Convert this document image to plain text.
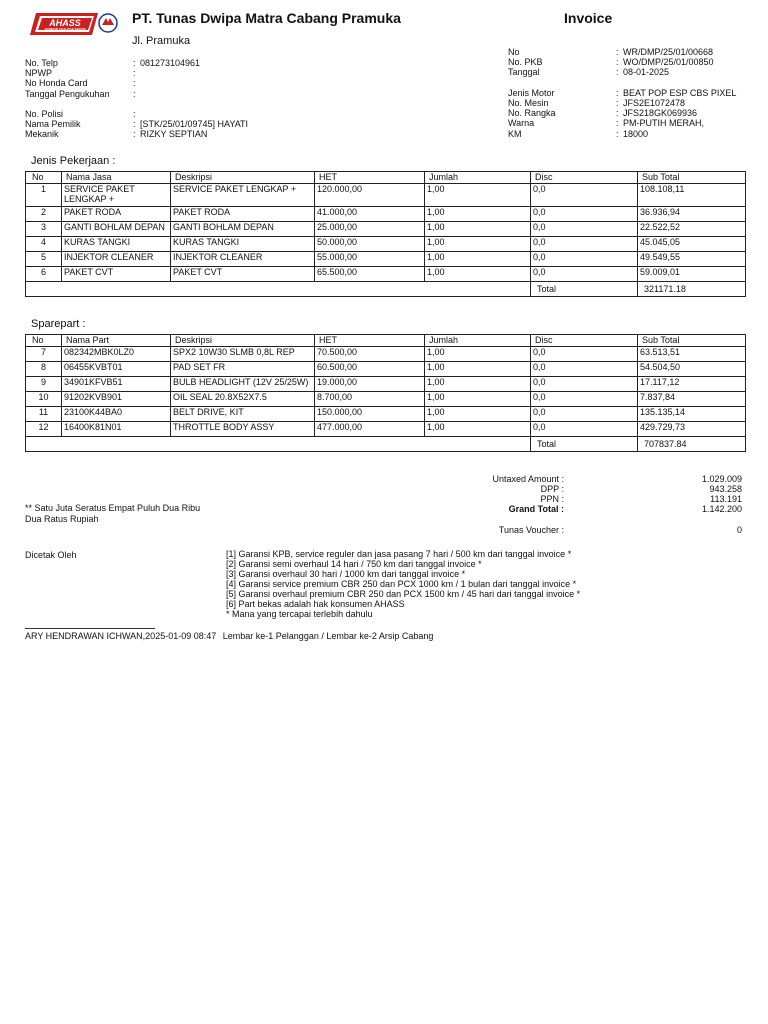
AHASS
JAMINAN KUALITAS SERVIS
PT. Tunas Dwipa Matra Cabang Pramuka	Invoice
Jl. Pramuka
No. Telp	: 081273104961
NPWP	:
No Honda Card	:
Tanggal Pengukuhan	:
No. Polisi	:
Nama Pemilik	: [STK/25/01/09745] HAYATI
Mekanik	: RIZKY SEPTIAN
No	: WR/DMP/25/01/00668
No. PKB	: WO/DMP/25/01/00850
Tanggal	: 08-01-2025
Jenis Motor	: BEAT POP ESP CBS PIXEL
No. Mesin	: JFS2E1072478
No. Rangka	: JFS218GK069936
Warna	: PM-PUTIH MERAH,
KM	: 18000
Jenis Pekerjaan :
No	Nama Jasa	Deskripsi	HET	Jumlah	Disc	Sub Total
1	SERVICE PAKET LENGKAP +	SERVICE PAKET LENGKAP +	120.000,00	1,00	0,0	108.108,11
2	PAKET RODA	PAKET RODA	41.000,00	1,00	0,0	36.936,94
3	GANTI BOHLAM DEPAN	GANTI BOHLAM DEPAN	25.000,00	1,00	0,0	22.522,52
4	KURAS TANGKI	KURAS TANGKI	50.000,00	1,00	0,0	45.045,05
5	INJEKTOR CLEANER	INJEKTOR CLEANER	55.000,00	1,00	0,0	49.549,55
6	PAKET CVT	PAKET CVT	65.500,00	1,00	0,0	59.009,01
					Total	321171.18
Sparepart :
No	Nama Part	Deskripsi	HET	Jumlah	Disc	Sub Total
7	082342MBK0LZ0	SPX2 10W30 SLMB 0,8L REP	70.500,00	1,00	0,0	63.513,51
8	06455KVBT01	PAD SET FR	60.500,00	1,00	0,0	54.504,50
9	34901KFVB51	BULB HEADLIGHT (12V 25/25W)	19.000,00	1,00	0,0	17.117,12
10	91202KVB901	OIL SEAL 20.8X52X7.5	8.700,00	1,00	0,0	7.837,84
11	23100K44BA0	BELT DRIVE, KIT	150.000,00	1,00	0,0	135.135,14
12	16400K81N01	THROTTLE BODY ASSY	477.000,00	1,00	0,0	429.729,73
					Total	707837.84
Untaxed Amount :	1.029.009
DPP :	943.258
PPN :	113.191
Grand Total :	1.142.200
Tunas Voucher :	0
** Satu Juta Seratus Empat Puluh Dua Ribu Dua Ratus Rupiah
Dicetak Oleh	[1] Garansi KPB, service reguler dan jasa pasang 7 hari / 500 km dari tanggal invoice *
[2] Garansi semi overhaul 14 hari / 750 km dari tanggal invoice *
[3] Garansi overhaul 30 hari / 1000 km dari tanggal invoice *
[4] Garansi service premium CBR 250 dan PCX 1000 km / 1 bulan dari tanggal invoice *
[5] Garansi overhaul premium CBR 250 dan PCX 1500 km / 45 hari dari tanggal invoice *
[6] Part bekas adalah hak konsumen AHASS
* Mana yang tercapai terlebih dahulu
ARY HENDRAWAN ICHWAN,2025-01-09 08:47 Lembar ke-1 Pelanggan / Lembar ke-2 Arsip Cabang
